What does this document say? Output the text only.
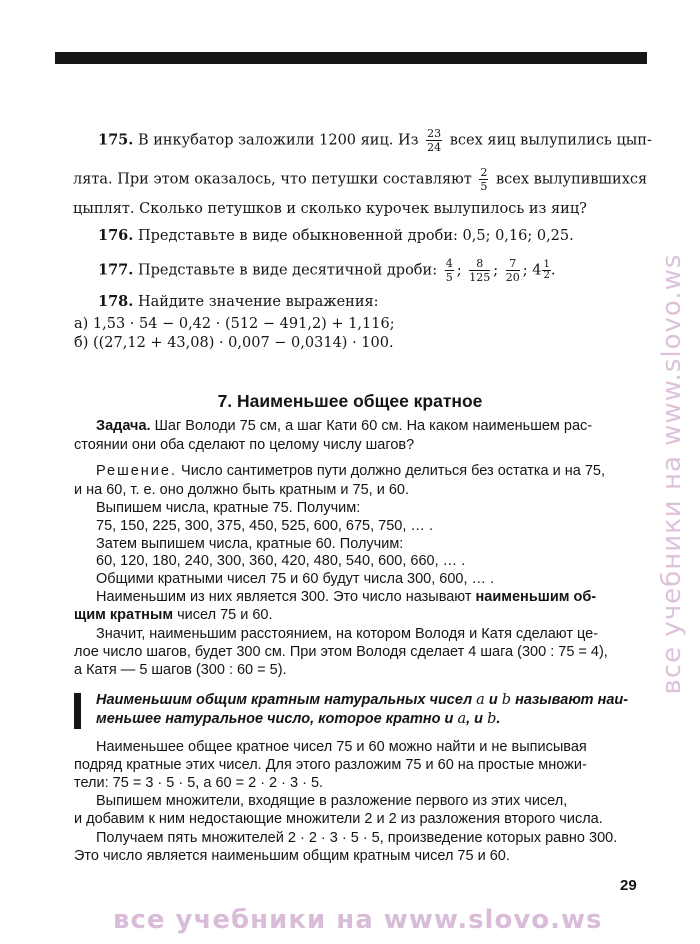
175. В инкубатор заложили 1200 яиц. Из $\frac{23}{24}$ всех яиц вылупились цып-
лята. При этом оказалось, что петушки составляют $\frac{2}{5}$ всех вылупившихся
цыплят. Сколько петушков и сколько курочек вылупилось из яиц?
176. Представьте в виде обыкновенной дроби: 0,5; 0,16; 0,25.
177. Представьте в виде десятичной дроби: $\frac{4}{5}$ ; $\frac{8}{125}$ ; $\frac{7}{20}$ ; $4 \frac{1}{2}$.
178. Найдите значение выражения:
а) 1,53 · 54 − 0,42 · (512 − 491,2) + 1,116;
б) ((27,12 + 43,08) · 0,007 − 0,0314) · 100.
7. Наименьшее общее кратное
Задача. Шаг Володи 75 см, а шаг Кати 60 см. На каком наименьшем рас-
стоянии они оба сделают по целому числу шагов?
Решение. Число сантиметров пути должно делиться без остатка и на 75,
и на 60, т. е. оно должно быть кратным и 75, и 60.
Выпишем числа, кратные 75. Получим:
75, 150, 225, 300, 375, 450, 525, 600, 675, 750, … .
Затем выпишем числа, кратные 60. Получим:
60, 120, 180, 240, 300, 360, 420, 480, 540, 600, 660, … .
Общими кратными чисел 75 и 60 будут числа 300, 600, … .
Наименьшим из них является 300. Это число называют наименьшим об-
щим кратным чисел 75 и 60.
Значит, наименьшим расстоянием, на котором Володя и Катя сделают це-
лое число шагов, будет 300 см. При этом Володя сделает 4 шага (300 : 75 = 4),
а Катя — 5 шагов (300 : 60 = 5).
Наименьшим общим кратным натуральных чисел a и b называют наи-
меньшее натуральное число, которое кратно и a, и b.
Наименьшее общее кратное чисел 75 и 60 можно найти и не выписывая
подряд кратные этих чисел. Для этого разложим 75 и 60 на простые множи-
тели: 75 = 3 · 5 · 5, а 60 = 2 · 2 · 3 · 5.
Выпишем множители, входящие в разложение первого из этих чисел,
и добавим к ним недостающие множители 2 и 2 из разложения второго числа.
Получаем пять множителей 2 · 2 · 3 · 5 · 5, произведение которых равно 300.
Это число является наименьшим общим кратным чисел 75 и 60.
29
все учебники на www.slovo.ws
все учебники на www.slovo.ws
